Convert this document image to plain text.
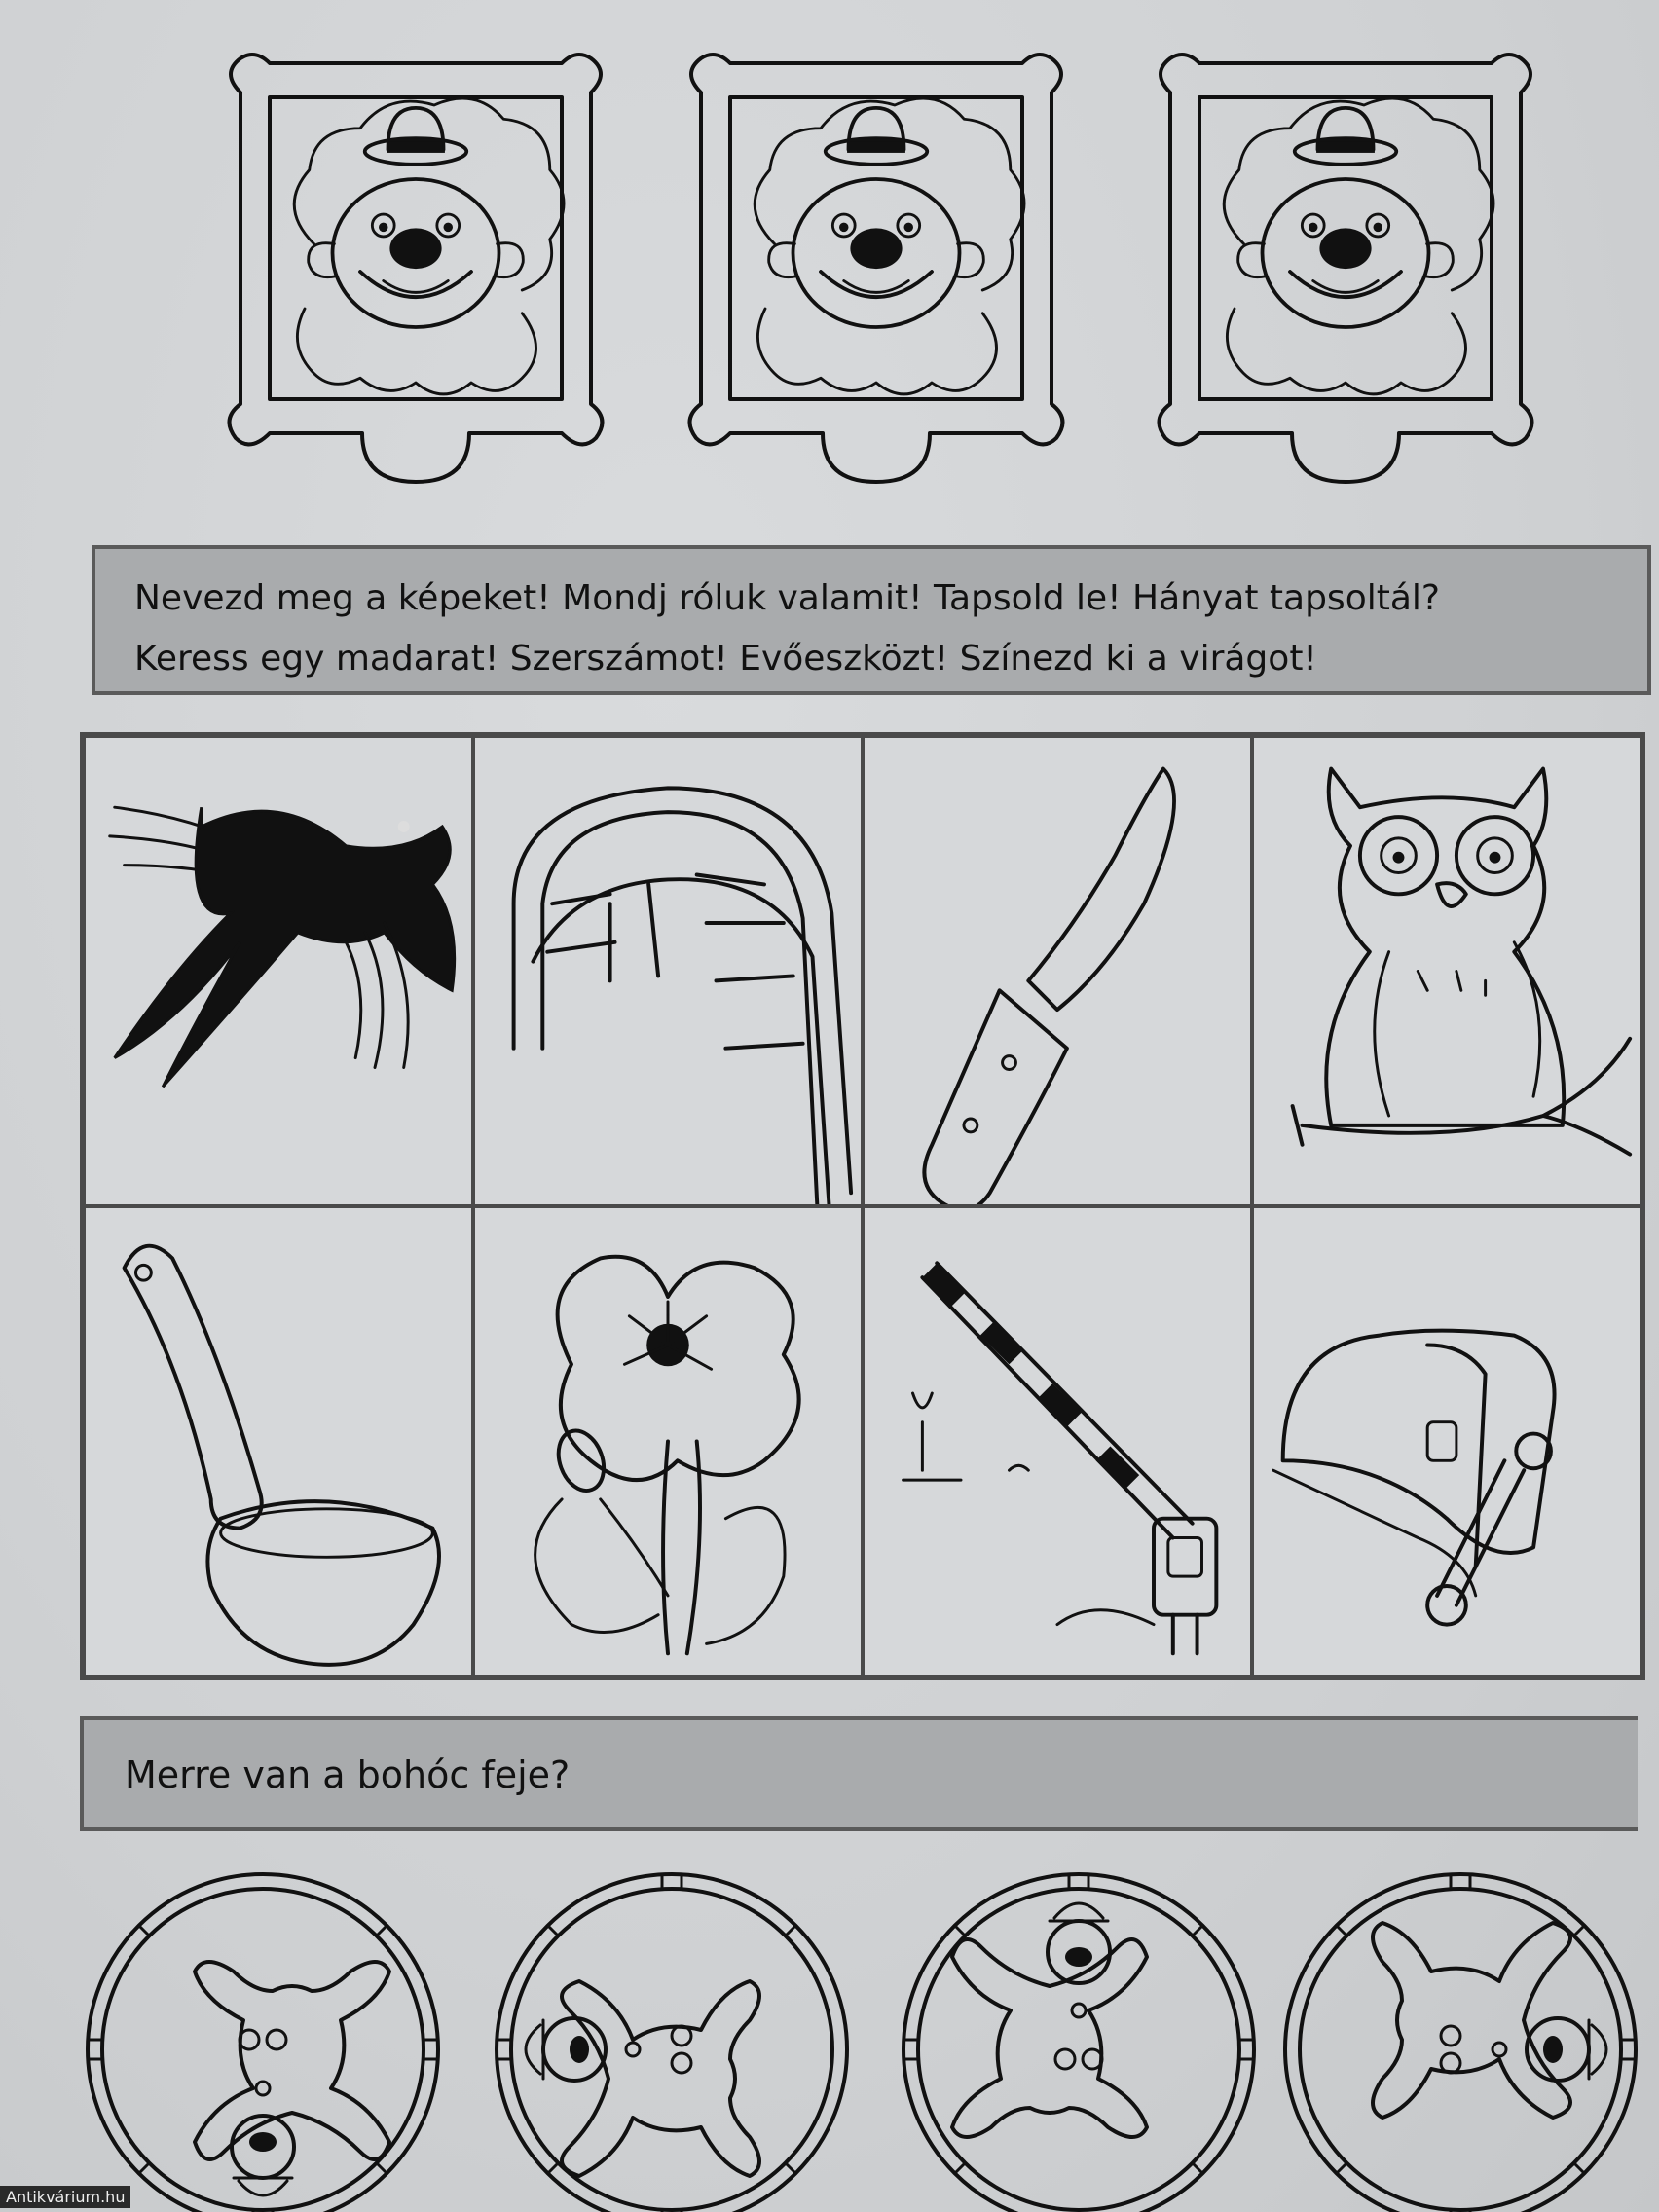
Nevezd meg a képeket! Mondj róluk valamit! Tapsold le! Hányat tapsoltál?

Keress egy madarat! Szerszámot! Evőeszközt! Színezd ki a virágot!

Merre van a bohóc feje?

Antikvárium.hu
